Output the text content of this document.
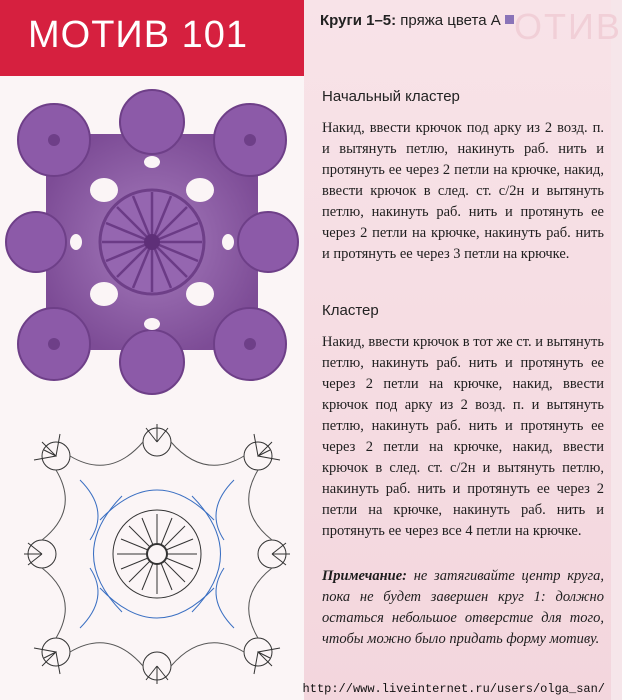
МОТИВ 101	ОТИВ
Круги 1–5: пряжа цвета А
Начальный кластер

Накид, ввести крючок под арку из 2 возд. п. и вытянуть петлю, накинуть раб. нить и протянуть ее через 2 петли на крючке, накид, ввести крючок в след. ст. с/2н и вытянуть петлю, накинуть раб. нить и протянуть ее через 2 петли на крючке, накинуть раб. нить и протянуть ее через 3 петли на крючке.

Кластер

Накид, ввести крючок в тот же ст. и вытянуть петлю, накинуть раб. нить и протянуть ее через 2 петли на крючке, накид, ввести крючок под арку из 2 возд. п. и вытянуть петлю, накинуть раб. нить и протянуть ее через 2 петли на крючке, накид, ввести крючок в след. ст. с/2н и вытянуть петлю, накинуть раб. нить и протянуть ее через 2 петли на крючке, накинуть раб. нить и протянуть ее через все 4 петли на крючке.

Примечание: не затягивайте центр круга, пока не будет завершен круг 1: должно остаться небольшое отверстие для того, чтобы можно было придать форму мотиву.

http://www.liveinternet.ru/users/olga_san/
